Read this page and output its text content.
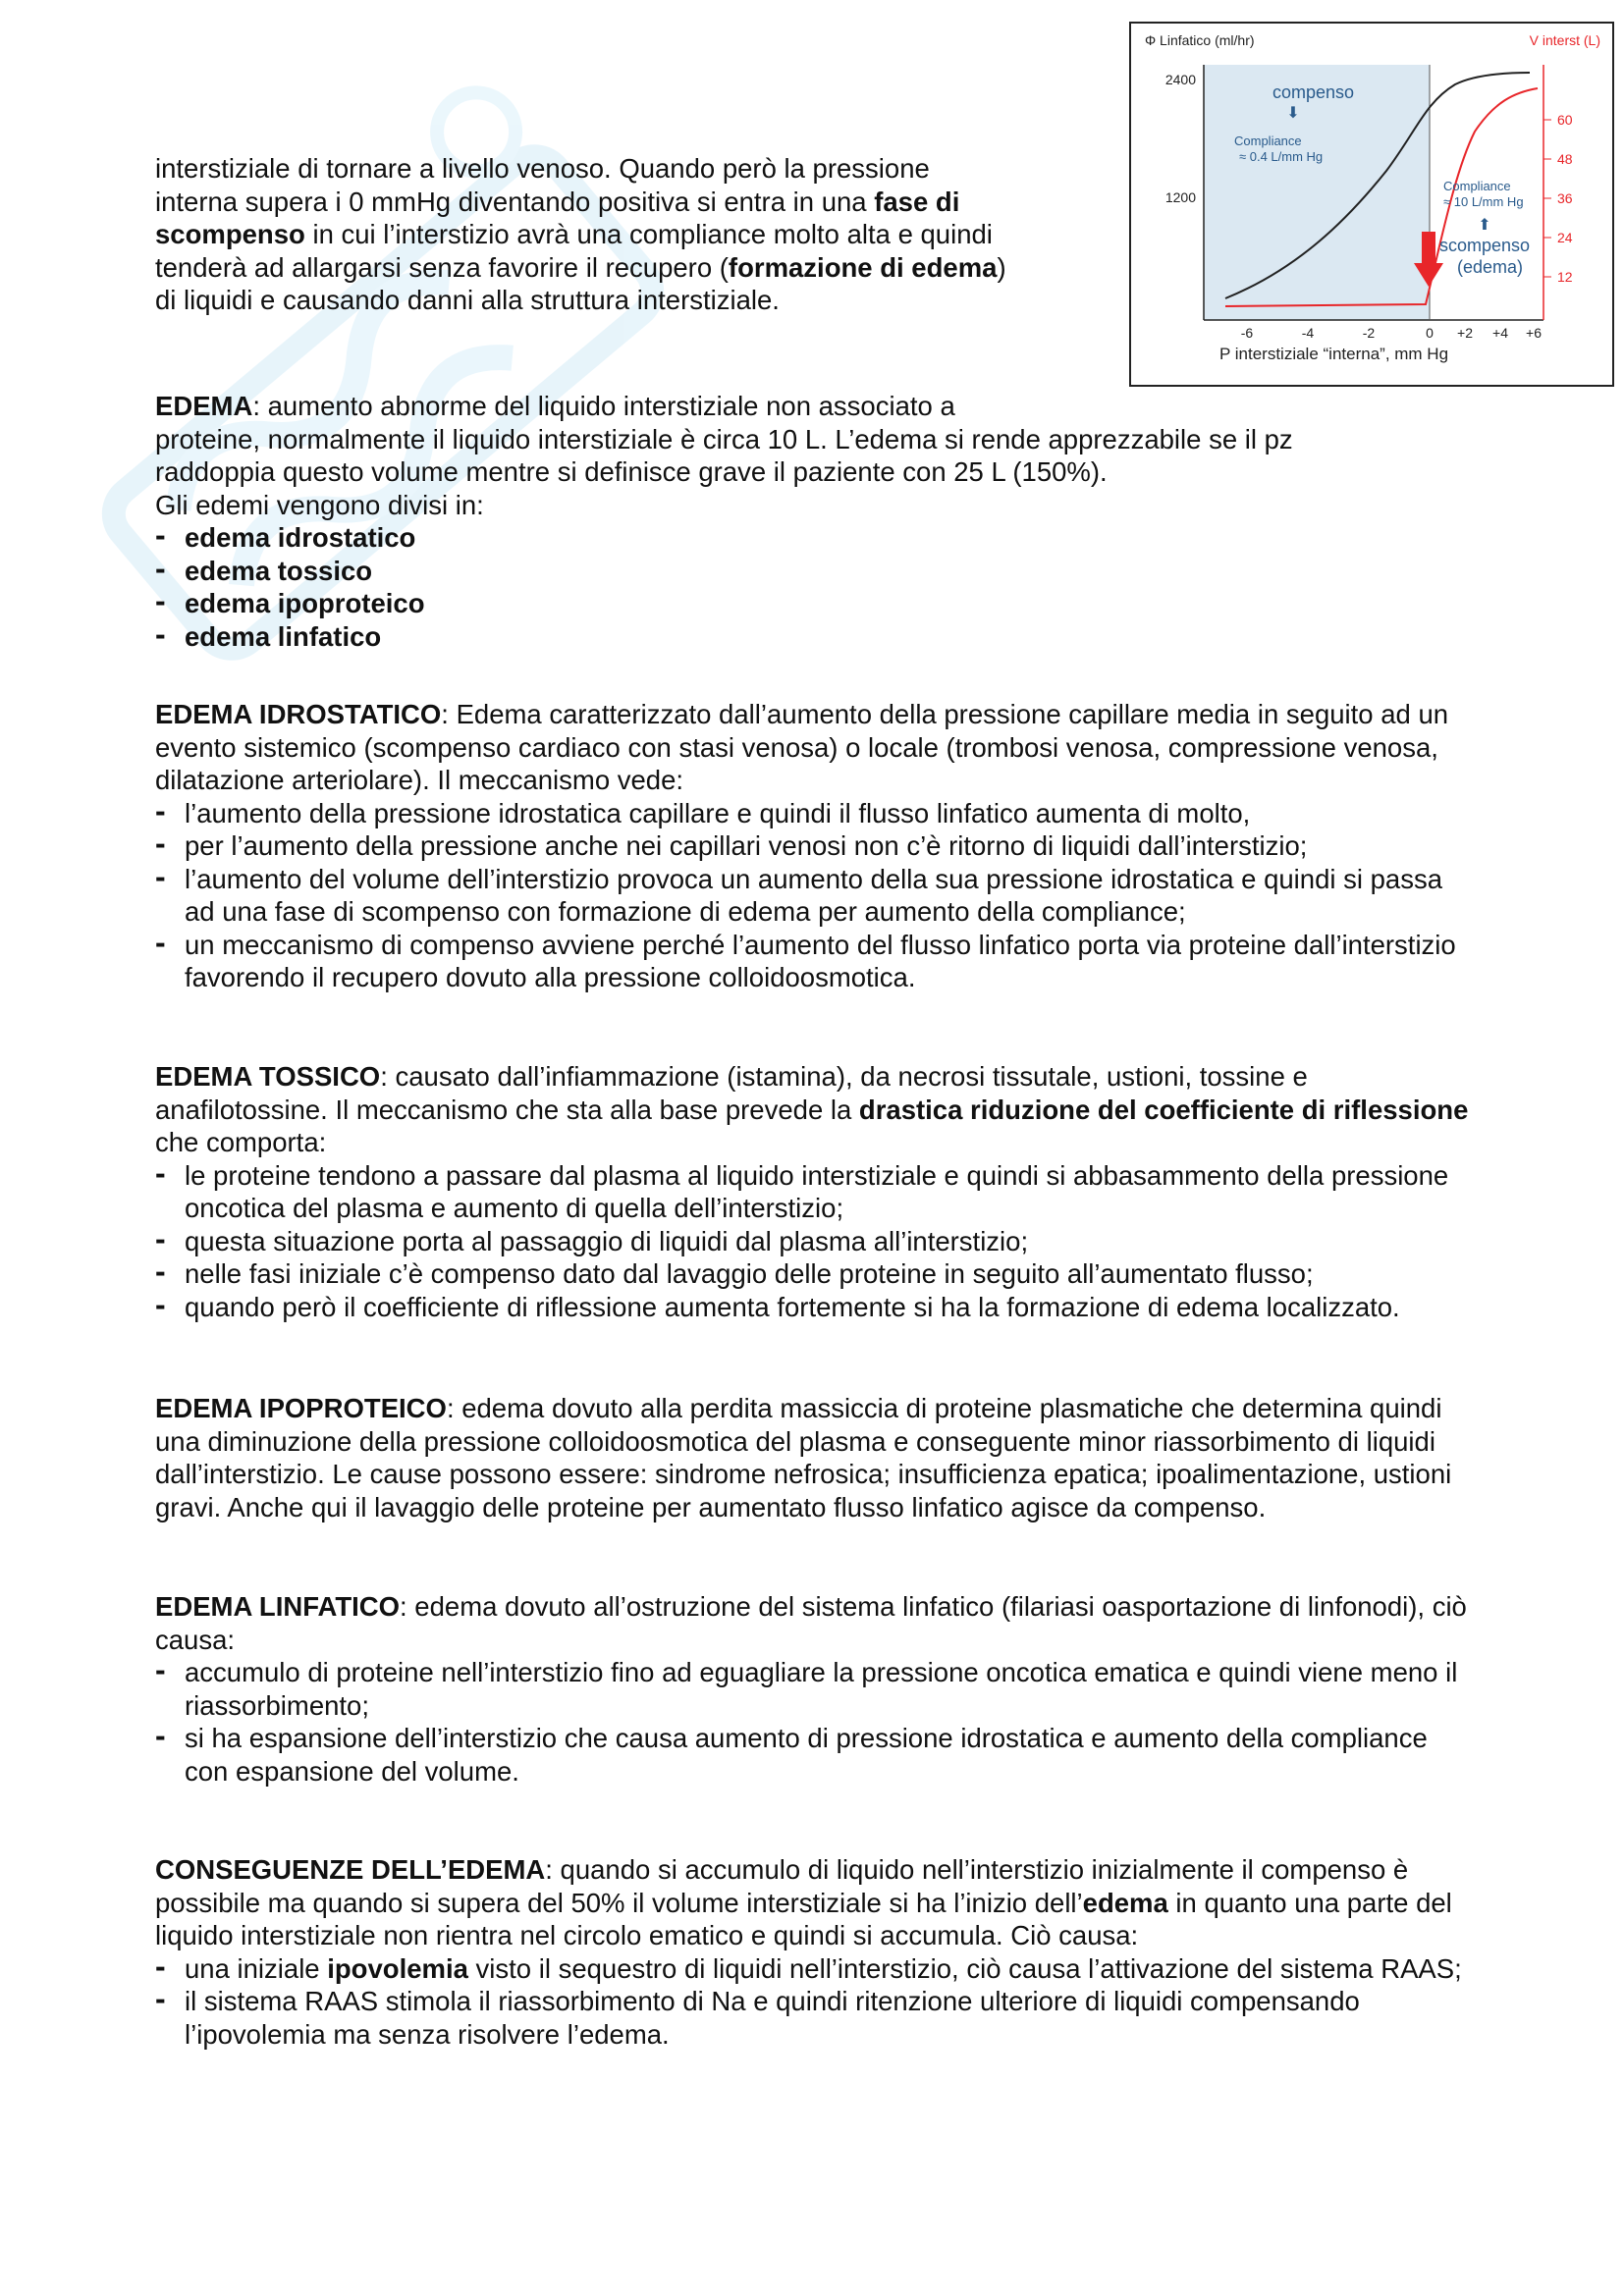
interstiziale di tornare a livello venoso. Quando però la pressione

interna supera i 0 mmHg diventando positiva si entra in una fase di

scompenso in cui l’interstizio avrà una compliance molto alta e quindi

tenderà ad allargarsi senza favorire il recupero (formazione di edema)

di liquidi e causando danni alla struttura interstiziale.

Φ Linfatico (ml/hr)	V interst (L)
2400
1200
60
48
36
24
12
compenso
⬇
Compliance
≈ 0.4 L/mm Hg
Compliance
≈ 10 L/mm Hg
⬆
scompenso
(edema)
-6	-4	-2	0 +2 +4 +6
P interstiziale “interna”, mm Hg

EDEMA: aumento abnorme del liquido interstiziale non associato a

proteine, normalmente il liquido interstiziale è circa 10 L. L’edema si rende apprezzabile se il pz

raddoppia questo volume mentre si definisce grave il paziente con 25 L (150%).

Gli edemi vengono divisi in:

- edema idrostatico
- edema tossico
- edema ipoproteico
- edema linfatico

EDEMA IDROSTATICO: Edema caratterizzato dall’aumento della pressione capillare media in seguito ad un evento sistemico (scompenso cardiaco con stasi venosa) o locale (trombosi venosa, compressione venosa, dilatazione arteriolare). Il meccanismo vede:

- l’aumento della pressione idrostatica capillare e quindi il flusso linfatico aumenta di molto,
- per l’aumento della pressione anche nei capillari venosi non c’è ritorno di liquidi dall’interstizio;
- l’aumento del volume dell’interstizio provoca un aumento della sua pressione idrostatica e quindi si passa ad una fase di scompenso con formazione di edema per aumento della compliance;
- un meccanismo di compenso avviene perché l’aumento del flusso linfatico porta via proteine dall’interstizio favorendo il recupero dovuto alla pressione colloidoosmotica.

EDEMA TOSSICO: causato dall’infiammazione (istamina), da necrosi tissutale, ustioni, tossine e anafilotossine. Il meccanismo che sta alla base prevede la drastica riduzione del coefficiente di riflessione che comporta:

- le proteine tendono a passare dal plasma al liquido interstiziale e quindi si abbasammento della pressione oncotica del plasma e aumento di quella dell’interstizio;
- questa situazione porta al passaggio di liquidi dal plasma all’interstizio;
- nelle fasi iniziale c’è compenso dato dal lavaggio delle proteine in seguito all’aumentato flusso;
- quando però il coefficiente di riflessione aumenta fortemente si ha la formazione di edema localizzato.

EDEMA IPOPROTEICO: edema dovuto alla perdita massiccia di proteine plasmatiche che determina quindi una diminuzione della pressione colloidoosmotica del plasma e conseguente minor riassorbimento di liquidi dall’interstizio. Le cause possono essere: sindrome nefrosica; insufficienza epatica; ipoalimentazione, ustioni gravi. Anche qui il lavaggio delle proteine per aumentato flusso linfatico agisce da compenso.

EDEMA LINFATICO: edema dovuto all’ostruzione del sistema linfatico (filariasi oasportazione di linfonodi), ciò causa:

- accumulo di proteine nell’interstizio fino ad eguagliare la pressione oncotica ematica e quindi viene meno il riassorbimento;
- si ha espansione dell’interstizio che causa aumento di pressione idrostatica e aumento della compliance con espansione del volume.

CONSEGUENZE DELL’EDEMA: quando si accumulo di liquido nell’interstizio inizialmente il compenso è possibile ma quando si supera del 50% il volume interstiziale si ha l’inizio dell’edema in quanto una parte del liquido interstiziale non rientra nel circolo ematico e quindi si accumula. Ciò causa:

- una iniziale ipovolemia visto il sequestro di liquidi nell’interstizio, ciò causa l’attivazione del sistema RAAS;
- il sistema RAAS stimola il riassorbimento di Na e quindi ritenzione ulteriore di liquidi compensando l’ipovolemia ma senza risolvere l’edema.
